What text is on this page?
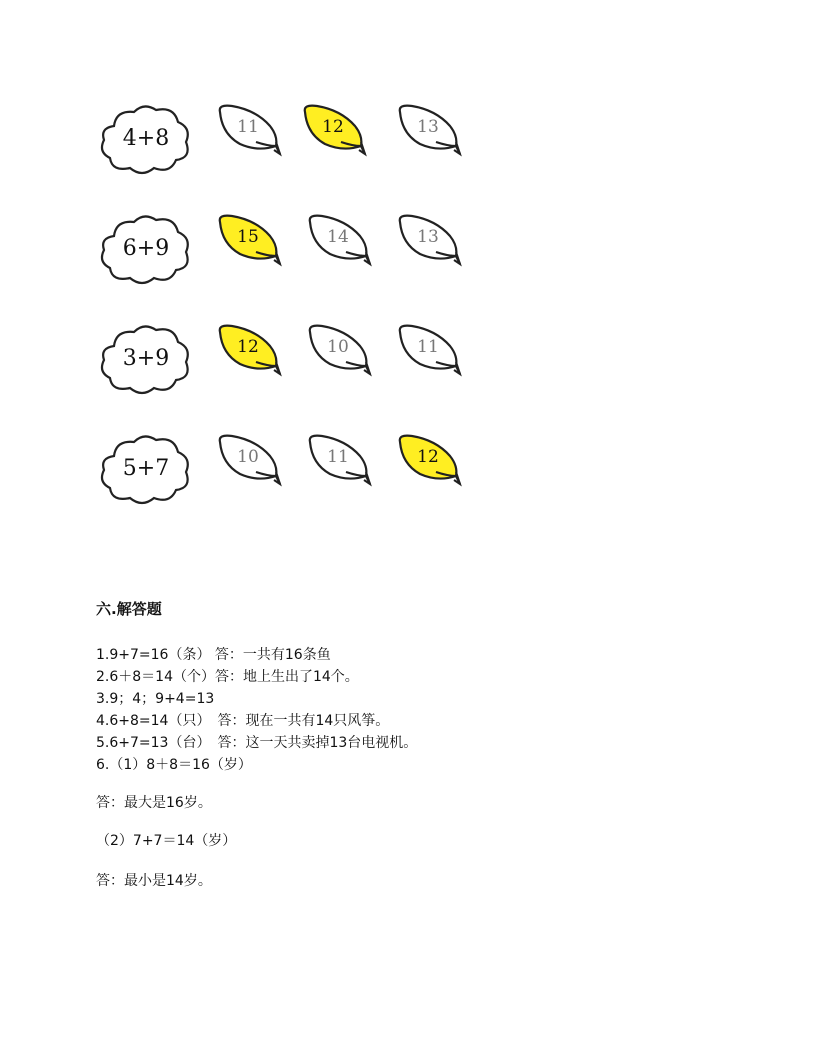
4+8	11	12	13
6+9	15	14	13
3+9	12	10	11
5+7	10	11	12
六.解答题
1.9+7=16（条） 答：一共有16条鱼
2.6＋8＝14（个）答：地上生出了14个。
3.9；4；9+4=13
4.6+8=14（只）　答：现在一共有14只风筝。
5.6+7=13（台）　答：这一天共卖掉13台电视机。
6.（1）8＋8＝16（岁）
答：最大是16岁。
（2）7+7＝14（岁）
答：最小是14岁。
